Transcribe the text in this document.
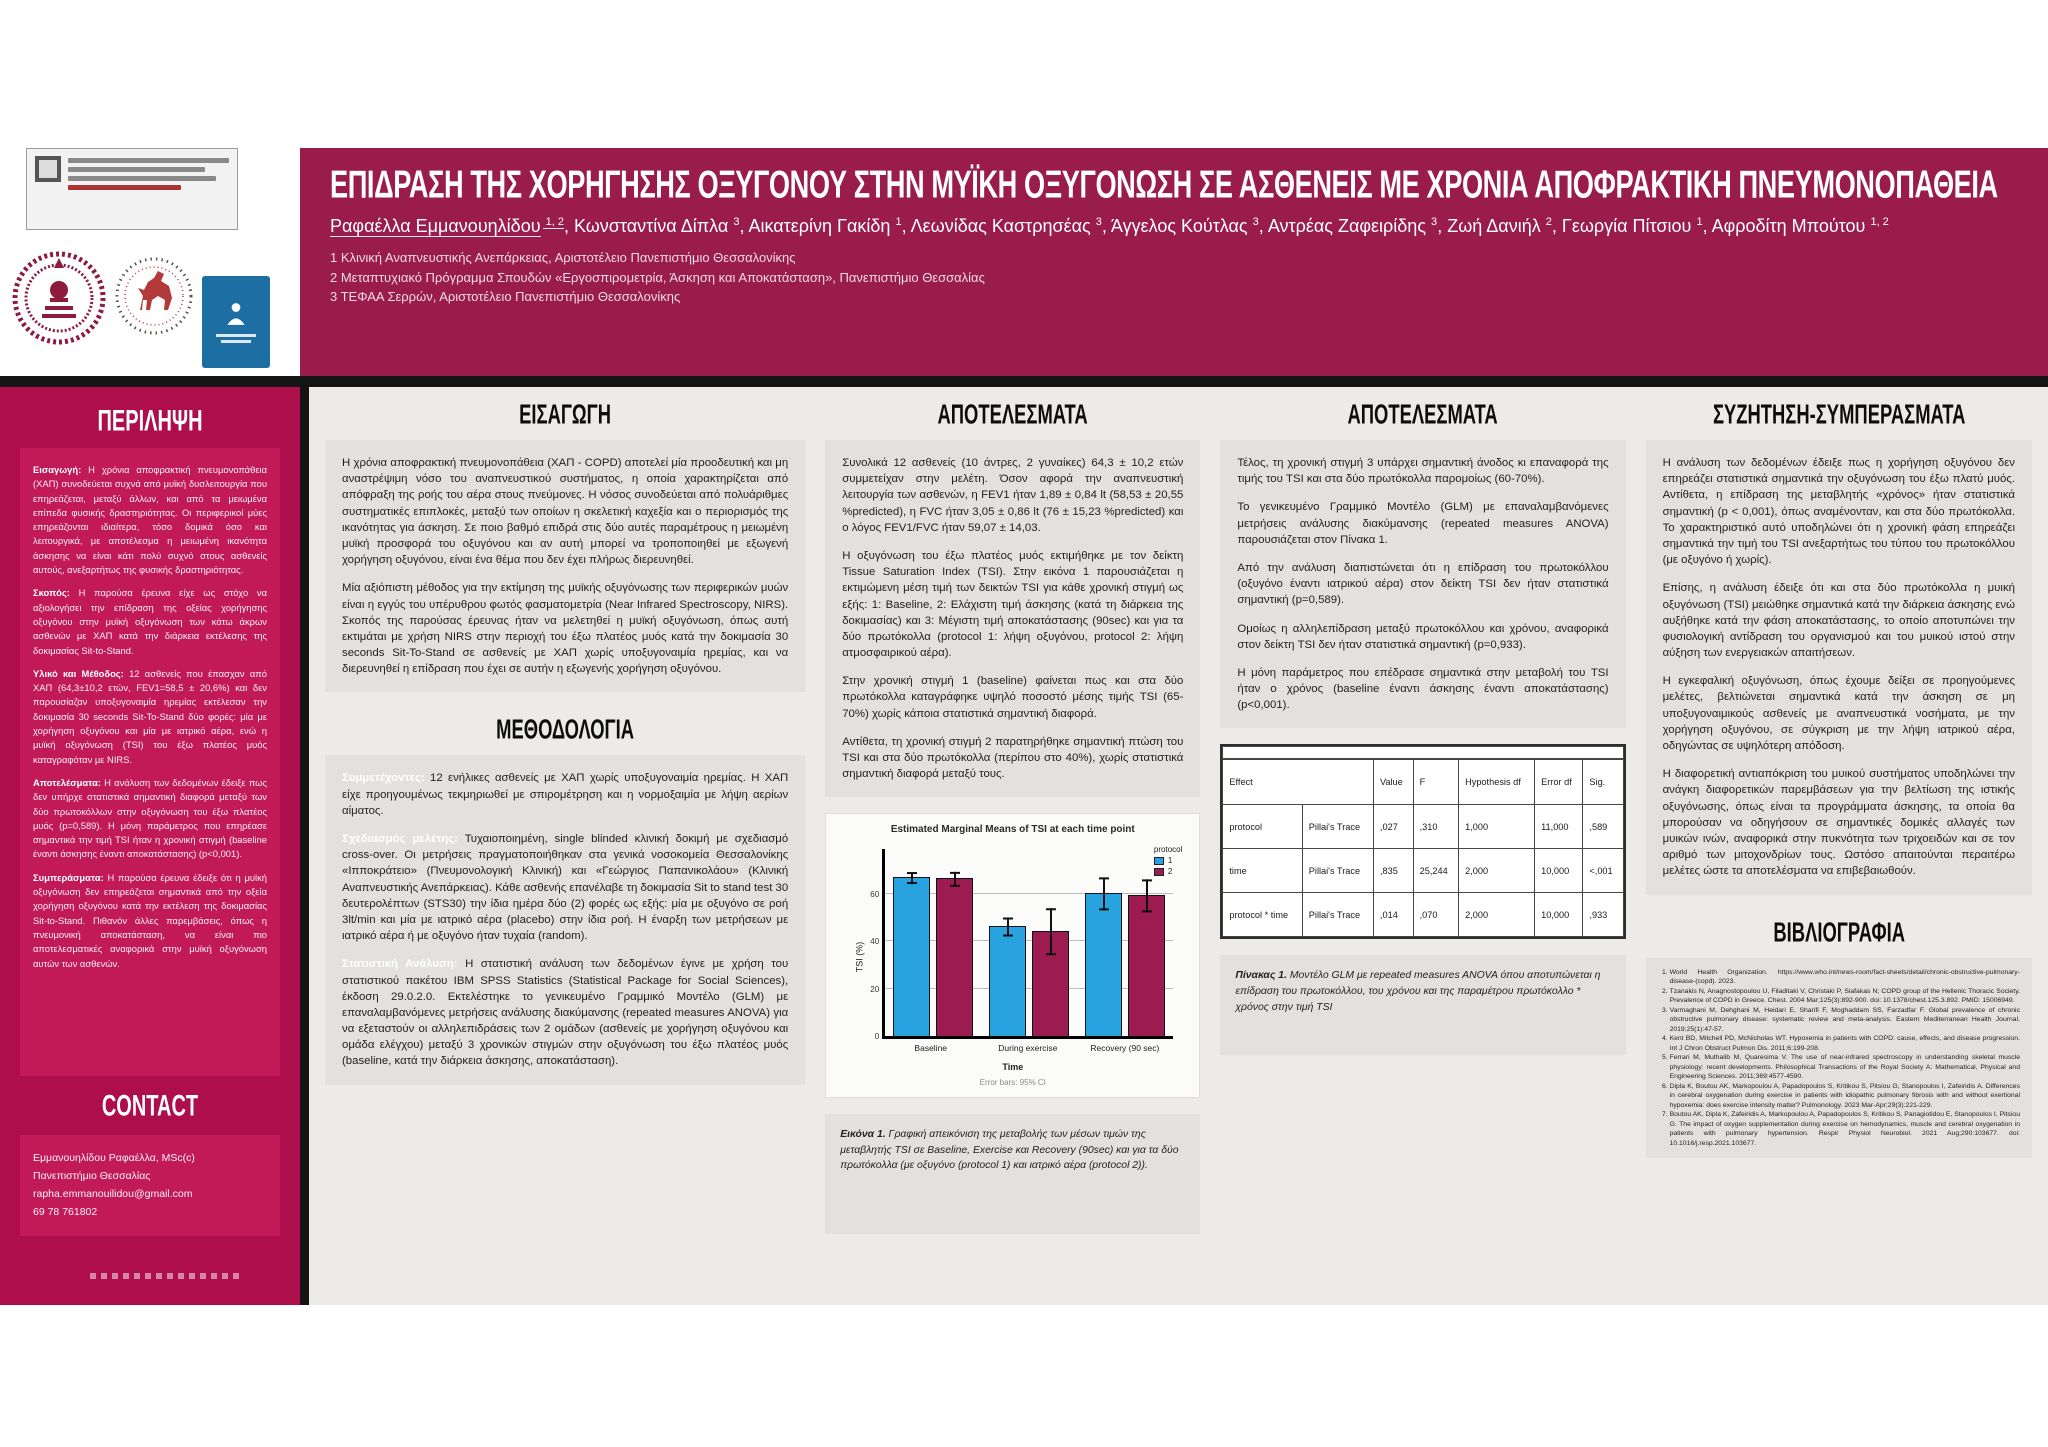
ΕΠΙΔΡΑΣΗ ΤΗΣ ΧΟΡΗΓΗΣΗΣ ΟΞΥΓΟΝΟΥ ΣΤΗΝ ΜΥΪΚΗ ΟΞΥΓΟΝΩΣΗ ΣΕ ΑΣΘΕΝΕΙΣ ΜΕ ΧΡΟΝΙΑ ΑΠΟΦΡΑΚΤΙΚΗ ΠΝΕΥΜΟΝΟΠΑΘΕΙΑ
Ραφαέλλα Εμμανουηλίδου $^{1, 2}$, Κωνσταντίνα Δίπλα $^3$, Αικατερίνη Γακίδη $^1$, Λεωνίδας Καστρησέας $^3$, Άγγελος Κούτλας $^3$, Αντρέας Ζαφειρίδης $^3$, Ζωή Δανιήλ $^2$, Γεωργία Πίτσιου $^1$, Αφροδίτη Μπούτου $^{1, 2}$
1 Κλινική Αναπνευστικής Ανεπάρκειας, Αριστοτέλειο Πανεπιστήμιο Θεσσαλονίκης
2 Μεταπτυχιακό Πρόγραμμα Σπουδών «Εργοσπιρομετρία, Άσκηση και Αποκατάσταση», Πανεπιστήμιο Θεσσαλίας
3 ΤΕΦΑΑ Σερρών, Αριστοτέλειο Πανεπιστήμιο Θεσσαλονίκης
ΠΕΡΙΛΗΨΗ

Εισαγωγή: Η χρόνια αποφρακτική πνευμονοπάθεια (ΧΑΠ) συνοδεύεται συχνά από μυϊκή δυσλειτουργία που επηρεάζεται, μεταξύ άλλων, και από τα μειωμένα επίπεδα φυσικής δραστηριότητας. Οι περιφερικοί μύες επηρεάζονται ιδιαίτερα, τόσο δομικά όσο και λειτουργικά, με αποτέλεσμα η μειωμένη ικανότητα άσκησης να είναι κάτι πολύ συχνό στους ασθενείς αυτούς, ανεξαρτήτως της φυσικής δραστηριότητας.

Σκοπός: Η παρούσα έρευνα είχε ως στόχο να αξιολογήσει την επίδραση της οξείας χορήγησης οξυγόνου στην μυϊκή οξυγόνωση των κάτω άκρων ασθενών με ΧΑΠ κατά την διάρκεια εκτέλεσης της δοκιμασίας Sit-to-Stand.

Υλικό και Μέθοδος: 12 ασθενείς που έπασχαν από ΧΑΠ (64,3±10,2 ετών, FEV1=58,5 ± 20,6%) και δεν παρουσίαζαν υποξυγοναιμία ηρεμίας εκτέλεσαν την δοκιμασία 30 seconds Sit-To-Stand δύο φορές: μία με χορήγηση οξυγόνου και μία με ιατρικό αέρα, ενώ η μυϊκή οξυγόνωση (TSI) του έξω πλατέος μυός καταγραφόταν με NIRS.

Αποτελέσματα: Η ανάλυση των δεδομένων έδειξε πως δεν υπήρχε στατιστικά σημαντική διαφορά μεταξύ των δύο πρωτοκόλλων στην οξυγόνωση του έξω πλατέος μυός (p=0,589). Η μόνη παράμετρος που επηρέασε σημαντικά την τιμή TSI ήταν η χρονική στιγμή (baseline έναντι άσκησης έναντι αποκατάστασης) (p<0,001).

Συμπεράσματα: Η παρούσα έρευνα έδειξε ότι η μυϊκή οξυγόνωση δεν επηρεάζεται σημαντικά από την οξεία χορήγηση οξυγόνου κατά την εκτέλεση της δοκιμασίας Sit-to-Stand. Πιθανόν άλλες παρεμβάσεις, όπως η πνευμονική αποκατάσταση, να είναι πιο αποτελεσματικές αναφορικά στην μυϊκή οξυγόνωση αυτών των ασθενών.

CONTACT
Εμμανουηλίδου Ραφαέλλα, MSc(c)
Πανεπιστήμιο Θεσσαλίας
rapha.emmanouilidou@gmail.com
69 78 761802
ΕΙΣΑΓΩΓΗ

Η χρόνια αποφρακτική πνευμονοπάθεια (ΧΑΠ - COPD) αποτελεί μία προοδευτική και μη αναστρέψιμη νόσο του αναπνευστικού συστήματος, η οποία χαρακτηρίζεται από απόφραξη της ροής του αέρα στους πνεύμονες. Η νόσος συνοδεύεται από πολυάριθμες συστηματικές επιπλοκές, μεταξύ των οποίων η σκελετική καχεξία και ο περιορισμός της ικανότητας για άσκηση. Σε ποιο βαθμό επιδρά στις δύο αυτές παραμέτρους η μειωμένη μυϊκή προσφορά του οξυγόνου και αν αυτή μπορεί να τροποποιηθεί με εξωγενή χορήγηση οξυγόνου, είναι ένα θέμα που δεν έχει πλήρως διερευνηθεί.

Μία αξιόπιστη μέθοδος για την εκτίμηση της μυϊκής οξυγόνωσης των περιφερικών μυών είναι η εγγύς του υπέρυθρου φωτός φασματομετρία (Near Infrared Spectroscopy, NIRS). Σκοπός της παρούσας έρευνας ήταν να μελετηθεί η μυϊκή οξυγόνωση, όπως αυτή εκτιμάται με χρήση NIRS στην περιοχή του έξω πλατέος μυός κατά την δοκιμασία 30 seconds Sit-To-Stand σε ασθενείς με ΧΑΠ χωρίς υποξυγοναιμία ηρεμίας, και να διερευνηθεί η επίδραση που έχει σε αυτήν η εξωγενής χορήγηση οξυγόνου.

ΜΕΘΟΔΟΛΟΓΙΑ

Συμμετέχοντες: 12 ενήλικες ασθενείς με ΧΑΠ χωρίς υποξυγοναιμία ηρεμίας. Η ΧΑΠ είχε προηγουμένως τεκμηριωθεί με σπιρομέτρηση και η νορμοξαιμία με λήψη αερίων αίματος.

Σχεδιασμός μελέτης: Τυχαιοποιημένη, single blinded κλινική δοκιμή με σχεδιασμό cross-over. Οι μετρήσεις πραγματοποιήθηκαν στα γενικά νοσοκομεία Θεσσαλονίκης «Ιπποκράτειο» (Πνευμονολογική Κλινική) και «Γεώργιος Παπανικολάου» (Κλινική Αναπνευστικής Ανεπάρκειας). Κάθε ασθενής επανέλαβε τη δοκιμασία Sit to stand test 30 δευτερολέπτων (STS30) την ίδια ημέρα δύο (2) φορές ως εξής: μία με οξυγόνο σε ροή 3lt/min και μία με ιατρικό αέρα (placebo) στην ίδια ροή. Η έναρξη των μετρήσεων με ιατρικό αέρα ή με οξυγόνο ήταν τυχαία (random).

Στατιστική Ανάλυση: Η στατιστική ανάλυση των δεδομένων έγινε με χρήση του στατιστικού πακέτου IBM SPSS Statistics (Statistical Package for Social Sciences), έκδοση 29.0.2.0. Εκτελέστηκε το γενικευμένο Γραμμικό Μοντέλο (GLM) με επαναλαμβανόμενες μετρήσεις ανάλυσης διακύμανσης (repeated measures ANOVA) για να εξεταστούν οι αλληλεπιδράσεις των 2 ομάδων (ασθενείς με χορήγηση οξυγόνου και ομάδα ελέγχου) μεταξύ 3 χρονικών στιγμών στην οξυγόνωση του έξω πλατέος μυός (baseline, κατά την διάρκεια άσκησης, αποκατάσταση).

ΑΠΟΤΕΛΕΣΜΑΤΑ

Συνολικά 12 ασθενείς (10 άντρες, 2 γυναίκες) 64,3 ± 10,2 ετών συμμετείχαν στην μελέτη. Όσον αφορά την αναπνευστική λειτουργία των ασθενών, η FEV1 ήταν 1,89 ± 0,84 lt (58,53 ± 20,55 %predicted), η FVC ήταν 3,05 ± 0,86 lt (76 ± 15,23 %predicted) και ο λόγος FEV1/FVC ήταν 59,07 ± 14,03.

Η οξυγόνωση του έξω πλατέος μυός εκτιμήθηκε με τον δείκτη Tissue Saturation Index (TSI). Στην εικόνα 1 παρουσιάζεται η εκτιμώμενη μέση τιμή των δεικτών TSI για κάθε χρονική στιγμή ως εξής: 1: Baseline, 2: Ελάχιστη τιμή άσκησης (κατά τη διάρκεια της δοκιμασίας) και 3: Μέγιστη τιμή αποκατάστασης (90sec) και για τα δύο πρωτόκολλα (protocol 1: λήψη οξυγόνου, protocol 2: λήψη ατμοσφαιρικού αέρα).

Στην χρονική στιγμή 1 (baseline) φαίνεται πως και στα δύο πρωτόκολλα καταγράφηκε υψηλό ποσοστό μέσης τιμής TSI (65-70%) χωρίς κάποια στατιστικά σημαντική διαφορά.

Αντίθετα, τη χρονική στιγμή 2 παρατηρήθηκε σημαντική πτώση του TSI και στα δύο πρωτόκολλα (περίπου στο 40%), χωρίς στατιστικά σημαντική διαφορά μεταξύ τους.

Estimated Marginal Means of TSI at each time point
protocol
1
2
0
20
40
60
TSI (%)
Baseline	During exercise	Recovery (90 sec)
Time
Error bars: 95% CI
Εικόνα 1. Γραφική απεικόνιση της μεταβολής των μέσων τιμών της μεταβλητής TSI σε Baseline, Exercise και Recovery (90sec) και για τα δύο πρωτόκολλα (με οξυγόνο (protocol 1) και ιατρικό αέρα (protocol 2)).
ΑΠΟΤΕΛΕΣΜΑΤΑ

Τέλος, τη χρονική στιγμή 3 υπάρχει σημαντική άνοδος κι επαναφορά της τιμής του TSI και στα δύο πρωτόκολλα παρομοίως (60-70%).

Το γενικευμένο Γραμμικό Μοντέλο (GLM) με επαναλαμβανόμενες μετρήσεις ανάλυσης διακύμανσης (repeated measures ANOVA) παρουσιάζεται στον Πίνακα 1.

Από την ανάλυση διαπιστώνεται ότι η επίδραση του πρωτοκόλλου (οξυγόνο έναντι ιατρικού αέρα) στον δείκτη TSI δεν ήταν στατιστικά σημαντική (p=0,589).

Ομοίως η αλληλεπίδραση μεταξύ πρωτοκόλλου και χρόνου, αναφορικά στον δείκτη TSI δεν ήταν στατιστικά σημαντική (p=0,933).

Η μόνη παράμετρος που επέδρασε σημαντικά στην μεταβολή του TSI ήταν ο χρόνος (baseline έναντι άσκησης έναντι αποκατάστασης) (p<0,001).

Effect		Value	F	Hypothesis df	Error df	Sig.
protocol	Pillai's Trace	,027	,310	1,000	11,000	,589
time	Pillai's Trace	,835	25,244	2,000	10,000	<,001
protocol * time	Pillai's Trace	,014	,070	2,000	10,000	,933
Πίνακας 1. Μοντέλο GLM με repeated measures ANOVA όπου αποτυπώνεται η επίδραση του πρωτοκόλλου, του χρόνου και της παραμέτρου πρωτόκολλο * χρόνος στην τιμή TSI
ΣΥΖΗΤΗΣΗ-ΣΥΜΠΕΡΑΣΜΑΤΑ

Η ανάλυση των δεδομένων έδειξε πως η χορήγηση οξυγόνου δεν επηρεάζει στατιστικά σημαντικά την οξυγόνωση του έξω πλατύ μυός. Αντίθετα, η επίδραση της μεταβλητής «χρόνος» ήταν στατιστικά σημαντική (p < 0,001), όπως αναμένονταν, και στα δύο πρωτόκολλα. Το χαρακτηριστικό αυτό υποδηλώνει ότι η χρονική φάση επηρεάζει σημαντικά την τιμή του TSI ανεξαρτήτως του τύπου του πρωτοκόλλου (με οξυγόνο ή χωρίς).

Επίσης, η ανάλυση έδειξε ότι και στα δύο πρωτόκολλα η μυική οξυγόνωση (TSI) μειώθηκε σημαντικά κατά την διάρκεια άσκησης ενώ αυξήθηκε κατά την φάση αποκατάστασης, το οποίο αποτυπώνει την φυσιολογική αντίδραση του οργανισμού και του μυικού ιστού στην αύξηση των ενεργειακών απαιτήσεων.

Η εγκεφαλική οξυγόνωση, όπως έχουμε δείξει σε προηγούμενες μελέτες, βελτιώνεται σημαντικά κατά την άσκηση σε μη υποξυγοναιμικούς ασθενείς με αναπνευστικά νοσήματα, με την χορήγηση οξυγόνου, σε σύγκριση με την λήψη ιατρικού αέρα, οδηγώντας σε υψηλότερη απόδοση.

Η διαφορετική αντιαπόκριση του μυικού συστήματος υποδηλώνει την ανάγκη διαφορετικών παρεμβάσεων για την βελτίωση της ιστικής οξυγόνωσης, όπως είναι τα προγράμματα άσκησης, τα οποία θα μπορούσαν να οδηγήσουν σε σημαντικές δομικές αλλαγές των μυικών ινών, αναφορικά στην πυκνότητα των τριχοειδών και σε τον αριθμό των μιτοχονδρίων τους. Ωστόσο απαιτούνται περαιτέρω μελέτες ώστε τα αποτελέσματα να επιβεβαιωθούν.

ΒΙΒΛΙΟΓΡΑΦΙΑ
1. World Health Organization. https://www.who.int/news-room/fact-sheets/detail/chronic-obstructive-pulmonary-disease-(copd). 2023.
2. Tzanakis N, Anagnostopoulou U, Filaditaki V, Christaki P, Siafakas N; COPD group of the Hellenic Thoracic Society. Prevalence of COPD in Greece. Chest. 2004 Mar;125(3):892-900. doi: 10.1378/chest.125.3.892. PMID: 15006949.
3. Varmaghani M, Dehghani M, Heidari E, Sharifi F, Moghaddam SS, Farzadfar F. Global prevalence of chronic obstructive pulmonary disease: systematic review and meta-analysis. Eastern Mediterranean Health Journal. 2019;25(1):47-57.
4. Kent BD, Mitchell PD, McNicholas WT. Hypoxemia in patients with COPD: cause, effects, and disease progression. Int J Chron Obstruct Pulmon Dis. 2011;6:199-208.
5. Ferrari M, Muthalib M, Quaresima V. The use of near-infrared spectroscopy in understanding skeletal muscle physiology: recent developments. Philosophical Transactions of the Royal Society A: Mathematical, Physical and Engineering Sciences. 2011;369:4577-4590.
6. Dipla K, Boutou AK, Markopoulou A, Papadopoulos S, Kritikou S, Pitsiou G, Stanopoulos I, Zafeiridis A. Differences in cerebral oxygenation during exercise in patients with idiopathic pulmonary fibrosis with and without exertional hypoxemia: does exercise intensity matter? Pulmonology. 2023 Mar-Apr;29(3):221-229.
7. Boutou AK, Dipla K, Zafeiridis A, Markopoulou A, Papadopoulos S, Kritikou S, Panagiotidou E, Stanopoulos I, Pitsiou G. The impact of oxygen supplementation during exercise on hemodynamics, muscle and cerebral oxygenation in patients with pulmonary hypertension. Respir Physiol Neurobiol. 2021 Aug;290:103677. doi: 10.1016/j.resp.2021.103677.
